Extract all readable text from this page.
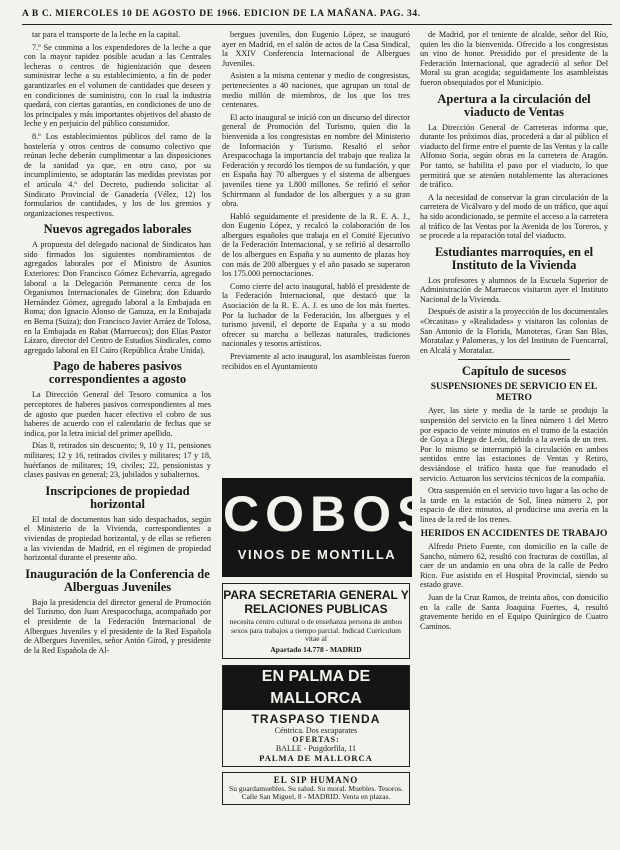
A B C. MIERCOLES 10 DE AGOSTO DE 1966. EDICION DE LA MAÑANA. PAG. 34.

tar para el transporte de la leche en la capital.

7.º Se conmina a los expendedores de la leche a que con la mayor rapidez posible acudan a las Centrales lecheras o centros de higienización que deseen suministrar leche a su establecimiento, a fin de poder garantizarles en el volumen de cantidades que deseen y en condiciones de suministro, con lo cual la industria quedará, con ciertas garantías, en condiciones de uno de los principales y más importantes objetivos del abasto de leche y en perjuicio del público consumidor.

8.º Los establecimientos públicos del ramo de la hostelería y otros centros de consumo colectivo que reúnan leche deberán cumplimentar a las disposiciones de la sanidad ya que, en otro caso, por su incumplimiento, se adoptarán las medidas previstas por el artículo 4.º del Decreto, pudiendo solicitar al Sindicato Provincial de Ganadería (Vélez, 12) los formularios de cantidades, y los de los gremios y organizaciones respectivos.

Nuevos agregados laborales

A propuesta del delegado nacional de Sindicatos han sido firmados los siguientes nombramientos de agregados laborales por el Ministro de Asuntos Exteriores: Don Francisco Gómez Echevarría, agregado laboral a la Delegación Permanente cerca de los Organismos Internacionales de Ginebra; don Eduardo Hernández Gómez, agregado laboral a la Embajada en Roma; don Ignacio Alonso de Ganuza, en la Embajada en Berna (Suiza); don Francisco Javier Arráez de Tolosa, en la Embajada en Rabat (Marruecos); don Elías Pastor Lázaro, director del Centro de Estudios Sindicales, como agregado laboral en El Cairo (República Árabe Unida).

Pago de haberes pasivos correspondientes a agosto

La Dirección General del Tesoro comunica a los perceptores de haberes pasivos correspondientes al mes de agosto que pueden hacer efectivo el cobro de sus haberes de acuerdo con el calendario de fechas que se indica, por la letra inicial del primer apellido.

Días 8, retirados sin descuento; 9, 10 y 11, pensiones militares; 12 y 16, retirados civiles y militares; 17 y 18, huérfanos de militares; 19, civiles; 22, pensionistas y clases pasivas en general; 23, jubilados y subalternos.

Inscripciones de propiedad horizontal

El total de documentos han sido despachados, según el Ministerio de la Vivienda, correspondientes a viviendas de propiedad horizontal, y de ellas se refieren a las viviendas de Madrid, en el régimen de propiedad horizontal durante el presente año.

Inauguración de la Conferencia de Alberguas Juveniles

Bajo la presidencia del director general de Promoción del Turismo, don Juan Arespacochaga, acompañado por el presidente de la Federación Internacional de Albergues Juveniles y el presidente de la Red Española de Albergues Juveniles, señor Antón Girod, y presidente de la Red Española de Al-

bergues juveniles, don Eugenio López, se inauguró ayer en Madrid, en el salón de actos de la Casa Sindical, la XXIV Conferencia Internacional de Albergues Juveniles.

Asisten a la misma centenar y medio de congresistas, pertenecientes a 40 naciones, que agrupan un total de medio millón de miembros, de los que los tres centenares.

El acto inaugural se inició con un discurso del director general de Promoción del Turismo, quien dio la bienvenida a los congresistas en nombre del Ministerio de Información y Turismo. Resaltó el señor Arespacochaga la importancia del trabajo que realiza la Federación y recordó los tiempos de su fundación, y que en España hay 70 albergues y el sistema de albergues juveniles tiene ya 1.800 millones. Se refirió el señor Schirrmann al fundador de los albergues y a su gran obra.

Habló seguidamente el presidente de la R. E. A. J., don Eugenio López, y recalcó la colaboración de los albergues españoles que trabaja en el Comité Ejecutivo de la Federación Internacional, y se refirió al desarrollo de los albergues en España y su aumento de plazas hoy con más de 200 albergues y el año pasado se superaron los 175.000 pernoctaciones.

Como cierre del acto inaugural, habló el presidente de la Federación Internacional, que destacó que la Asociación de la R. E. A. J. es uno de los más fuertes. Por la luchador de la Federación, los albergues y el turismo juvenil, el deporte de España y a su modo ofrecer su marcha a bellezas naturales, tradiciones nacionales y tesoros artísticos.

Previamente al acto inaugural, los asambleístas fueron recibidos en el Ayuntamiento

COBOS
VINOS DE MONTILLA
PARA SECRETARIA GENERAL Y RELACIONES PUBLICAS
necesita centro cultural o de enseñanza persona de ambos sexos para trabajos a tiempo parcial. Indicad Currículum vitae al
Apartado 14.778 - MADRID
EN PALMA DE MALLORCA
TRASPASO TIENDA
Céntrica. Dos escaparates
OFERTAS:
BALLE - Puigdorfila, 11
PALMA DE MALLORCA
EL SIP HUMANO
Su guardamuebles. Su salud. Su moral. Muebles. Tesoros. Calle San Miguel, 8 - MADRID. Venta en plazas.

de Madrid, por el teniente de alcalde, señor del Río, quien les dio la bienvenida. Ofrecido a los congresistas un vino de honor. Presidido por el presidente de la Federación Internacional, que agradeció al señor Del Moral su gran acogida; seguidamente los asambleístas fueron obsequiados por el Municipio.

Apertura a la circulación del viaducto de Ventas

La Dirección General de Carreteras informa que, durante los próximos días, procederá a dar al público el viaducto del firme entre el puente de las Ventas y la calle Alfonso Soria, según obras en la carretera de Aragón. Por tanto, se habilita el paso por el viaducto, lo que permitirá que se atenúen notablemente las alteraciones de tráfico.

A la necesidad de conservar la gran circulación de la carretera de Vicálvaro y del modo de un tráfico, que aquí ha sido acondicionado, se permite el acceso a la carretera al tráfico de las Ventas por la Avenida de los Toreros, y se procede a la reparación total del viaducto.

Estudiantes marroquíes, en el Instituto de la Vivienda

Los profesores y alumnos de la Escuela Superior de Administración de Marruecos visitaron ayer el Instituto Nacional de la Vivienda.

Después de asistir a la proyección de los documentales «Orcasitas» y «Realidades» y visitaron las colonias de San Antonio de la Florida, Manoteras, Gran San Blas, Moratalaz y Palomeras, y los del Instituto de Fuencarral, en Alcalá y Moratalaz.

Capítulo de sucesos
SUSPENSIONES DE SERVICIO EN EL METRO

Ayer, las siete y media de la tarde se produjo la suspensión del servicio en la línea número 1 del Metro por espacio de veinte minutos en el tramo de la estación de Goya a Diego de León, debido a la avería de un tren. Por lo mismo se interrumpió la circulación en ambos sentidos entre las estaciones de Ventas y Retiro, desviándose el tráfico hasta que fue reanudado el servicio. Actuaron los servicios técnicos de la compañía.

Otra suspensión en el servicio tuvo lugar a las ocho de la tarde en la estación de Sol, línea número 2, por espacio de diez minutos, al producirse una avería en la línea de la red de los trenes.

HERIDOS EN ACCIDENTES DE TRABAJO

Alfredo Prieto Fuente, con domicilio en la calle de Sancho, número 62, resultó con fracturas de costillas, al caer de un andamio en una obra de la calle de Pedro Rico. Fue asistido en el Hospital Provincial, siendo su estado grave.

Juan de la Cruz Ramos, de treinta años, con domicilio en la calle de Santa Joaquina Fuertes, 4, resultó gravemente herido en el Equipo Quirúrgico de Cuatro Caminos.
